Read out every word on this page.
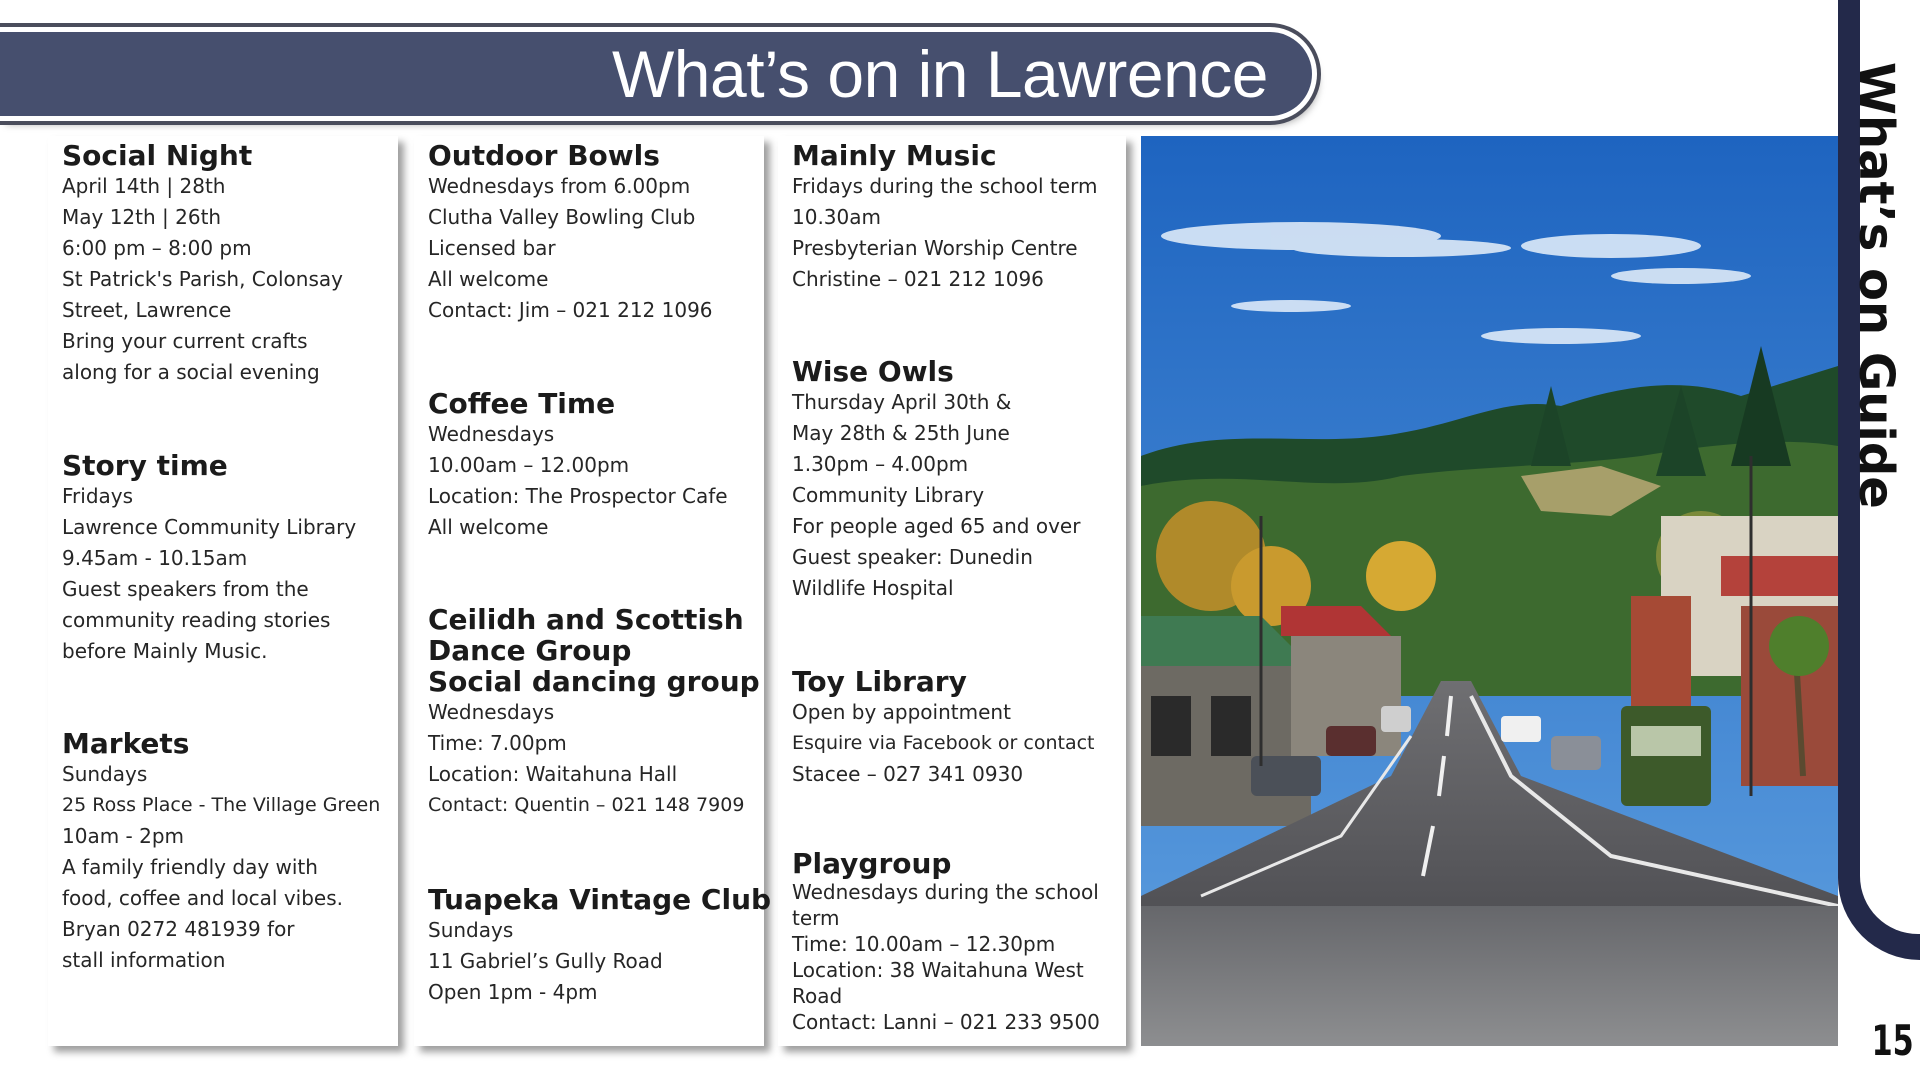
What’s on in Lawrence	What’s on Guide
15
Social Night
April 14th | 28th
May 12th | 26th
6:00 pm – 8:00 pm
St Patrick's Parish, Colonsay
Street, Lawrence
Bring your current crafts
along for a social evening
Story time
Fridays
Lawrence Community Library
9.45am - 10.15am
Guest speakers from the
community reading stories
before Mainly Music.
Markets
Sundays
25 Ross Place - The Village Green
10am - 2pm
A family friendly day with
food, coffee and local vibes.
Bryan 0272 481939 for
stall information
Outdoor Bowls
Wednesdays from 6.00pm
Clutha Valley Bowling Club
Licensed bar
All welcome
Contact: Jim – 021 212 1096
Coffee Time
Wednesdays
10.00am – 12.00pm
Location: The Prospector Cafe
All welcome
Ceilidh and Scottish
Dance Group
Social dancing group
Wednesdays
Time: 7.00pm
Location: Waitahuna Hall
Contact: Quentin – 021 148 7909
Tuapeka Vintage Club
Sundays
11 Gabriel’s Gully Road
Open 1pm - 4pm
Mainly Music
Fridays during the school term
10.30am
Presbyterian Worship Centre
Christine – 021 212 1096
Wise Owls
Thursday April 30th &
May 28th & 25th June
1.30pm – 4.00pm
Community Library
For people aged 65 and over
Guest speaker: Dunedin
Wildlife Hospital
Toy Library
Open by appointment
Esquire via Facebook or contact
Stacee – 027 341 0930
Playgroup
Wednesdays during the school term
Time: 10.00am – 12.30pm
Location: 38 Waitahuna West Road
Contact: Lanni – 021 233 9500
